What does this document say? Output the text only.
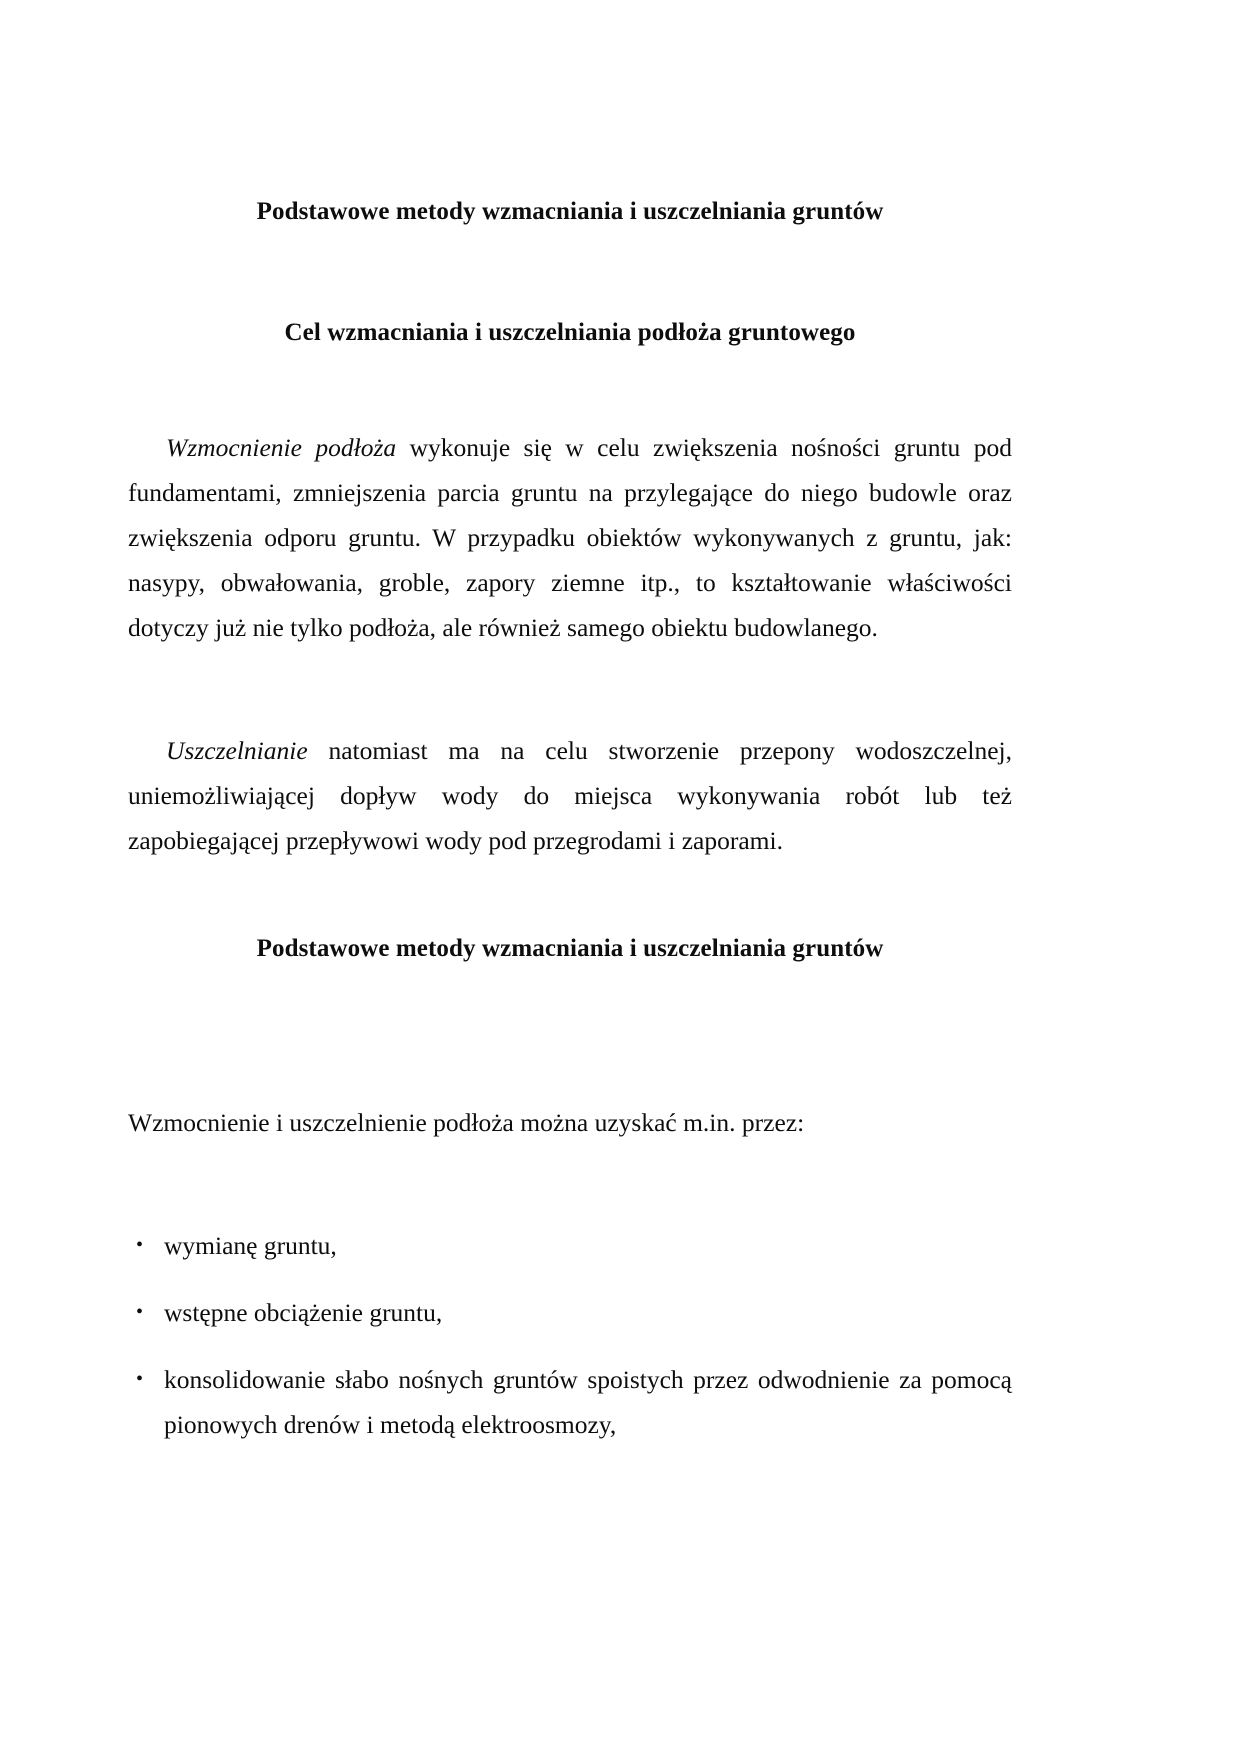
Podstawowe metody wzmacniania i uszczelniania gruntów
Cel wzmacniania i uszczelniania podłoża gruntowego

Wzmocnienie podłoża wykonuje się w celu zwiększenia nośności gruntu pod fundamentami, zmniejszenia parcia gruntu na przylegające do niego budowle oraz zwiększenia odporu gruntu. W przypadku obiektów wykonywanych z gruntu, jak: nasypy, obwałowania, groble, zapory ziemne itp., to kształtowanie właściwości dotyczy już nie tylko podłoża, ale również samego obiektu budowlanego.

Uszczelnianie natomiast ma na celu stworzenie przepony wodoszczelnej, uniemożliwiającej dopływ wody do miejsca wykonywania robót lub też zapobiegającej przepływowi wody pod przegrodami i zaporami.

Podstawowe metody wzmacniania i uszczelniania gruntów

Wzmocnienie i uszczelnienie podłoża można uzyskać m.in. przez:

• wymianę gruntu,
• wstępne obciążenie gruntu,
• konsolidowanie słabo nośnych gruntów spoistych przez odwodnienie za pomocą pionowych drenów i metodą elektroosmozy,
